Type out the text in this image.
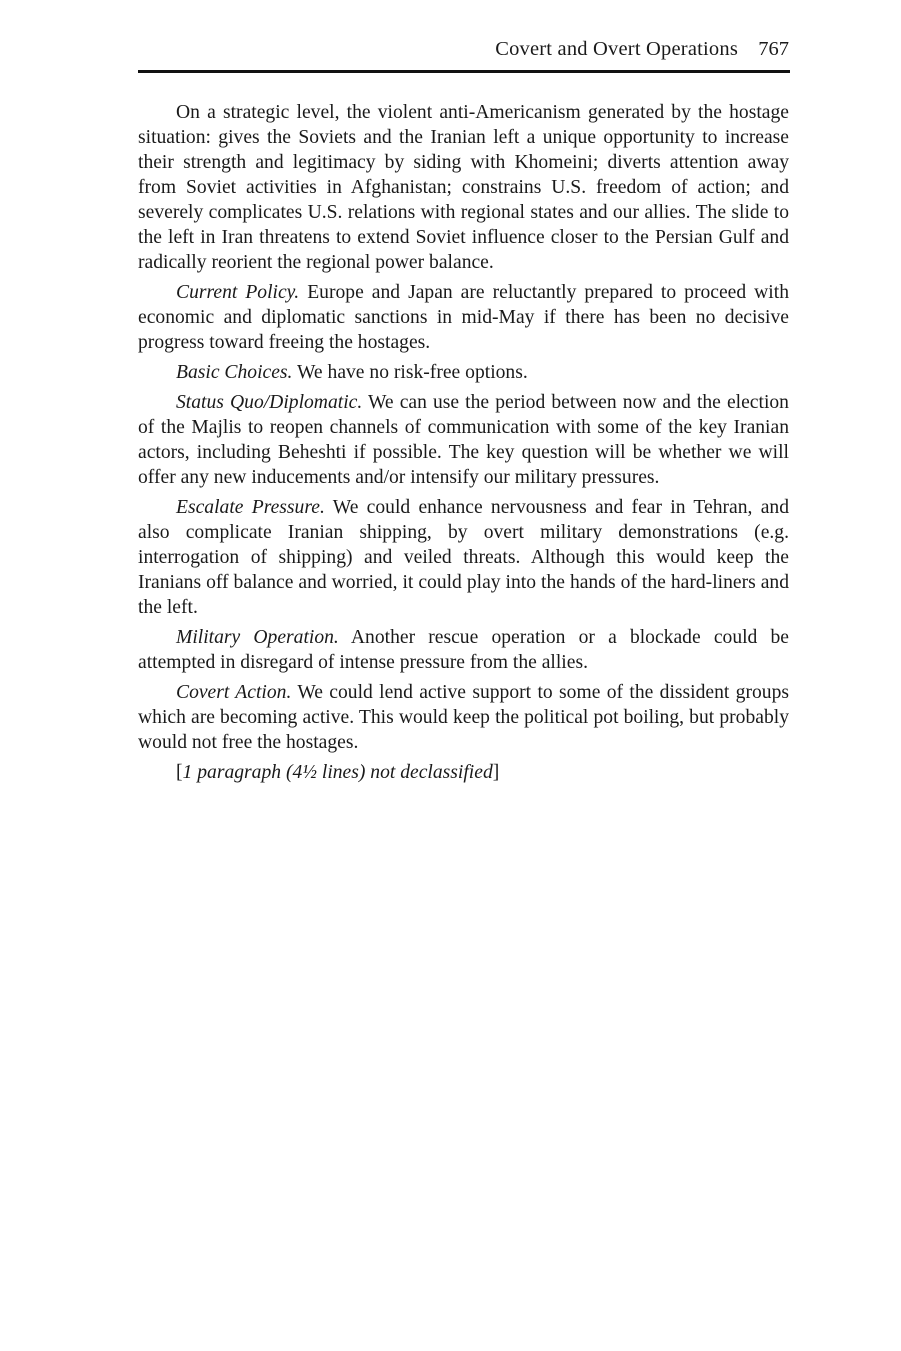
Covert and Overt Operations 767

On a strategic level, the violent anti-Americanism generated by the hostage situation: gives the Soviets and the Iranian left a unique opportunity to increase their strength and legitimacy by siding with Khomeini; diverts attention away from Soviet activities in Afghanistan; constrains U.S. freedom of action; and severely complicates U.S. relations with regional states and our allies. The slide to the left in Iran threatens to extend Soviet influence closer to the Persian Gulf and radically reorient the regional power balance.

Current Policy. Europe and Japan are reluctantly prepared to proceed with economic and diplomatic sanctions in mid-May if there has been no decisive progress toward freeing the hostages.

Basic Choices. We have no risk-free options.

Status Quo/Diplomatic. We can use the period between now and the election of the Majlis to reopen channels of communication with some of the key Iranian actors, including Beheshti if possible. The key question will be whether we will offer any new inducements and/or intensify our military pressures.

Escalate Pressure. We could enhance nervousness and fear in Tehran, and also complicate Iranian shipping, by overt military demonstrations (e.g. interrogation of shipping) and veiled threats. Although this would keep the Iranians off balance and worried, it could play into the hands of the hard-liners and the left.

Military Operation. Another rescue operation or a blockade could be attempted in disregard of intense pressure from the allies.

Covert Action. We could lend active support to some of the dissident groups which are becoming active. This would keep the political pot boiling, but probably would not free the hostages.

[1 paragraph (4½ lines) not declassified]
